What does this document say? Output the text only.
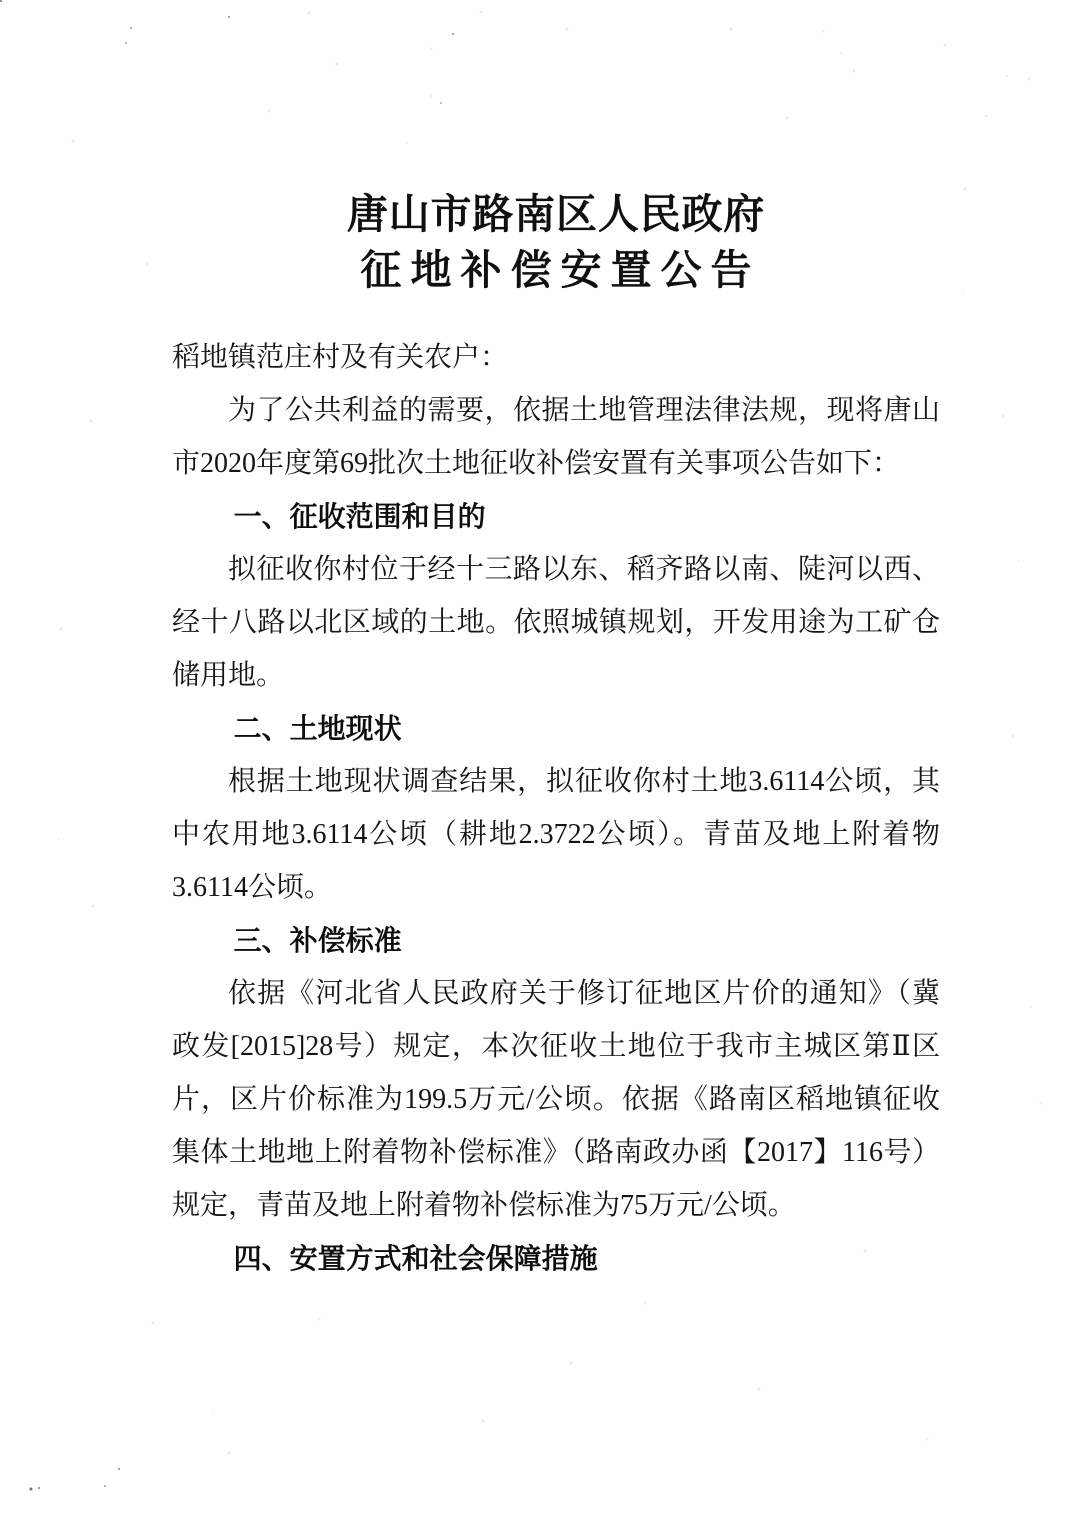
唐山市路南区人民政府
征地补偿安置公告

稻地镇范庄村及有关农户：

为了公共利益的需要，依据土地管理法律法规，现将唐山市2020年度第69批次土地征收补偿安置有关事项公告如下：

一、征收范围和目的

拟征收你村位于经十三路以东、稻齐路以南、陡河以西、经十八路以北区域的土地。依照城镇规划，开发用途为工矿仓储用地。

二、土地现状

根据土地现状调查结果，拟征收你村土地3.6114公顷，其中农用地3.6114公顷（耕地2.3722公顷）。青苗及地上附着物3.6114公顷。

三、补偿标准

依据《河北省人民政府关于修订征地区片价的通知》（冀政发[2015]28号）规定，本次征收土地位于我市主城区第Ⅱ区片，区片价标准为199.5万元/公顷。依据《路南区稻地镇征收集体土地地上附着物补偿标准》（路南政办函【2017】116号）规定，青苗及地上附着物补偿标准为75万元/公顷。

四、安置方式和社会保障措施
